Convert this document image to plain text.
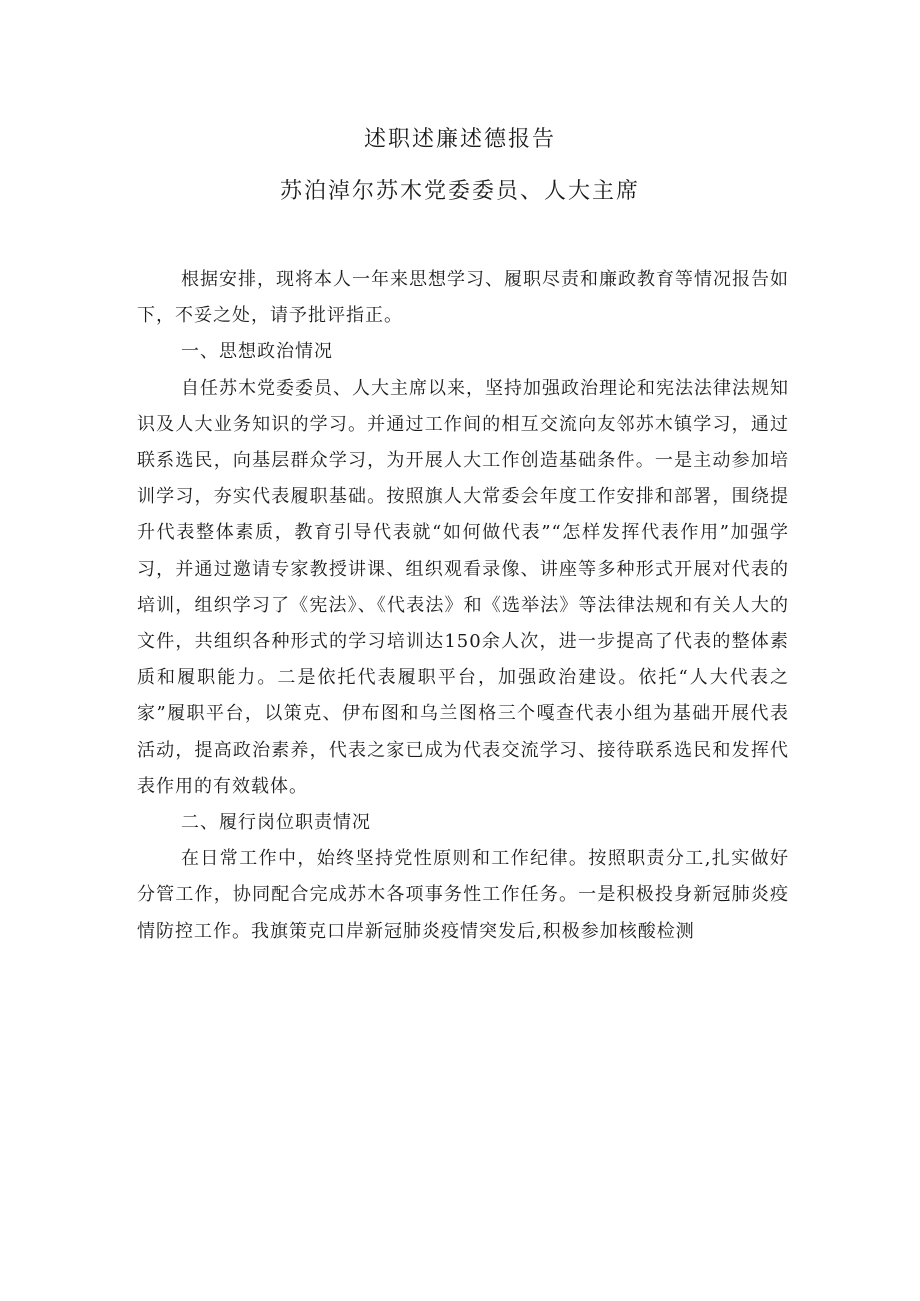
述职述廉述德报告
苏泊淖尔苏木党委委员、人大主席

根据安排，现将本人一年来思想学习、履职尽责和廉政教育等情况报告如下，不妥之处，请予批评指正。

一、思想政治情况

自任苏木党委委员、人大主席以来，坚持加强政治理论和宪法法律法规知识及人大业务知识的学习。并通过工作间的相互交流向友邻苏木镇学习，通过联系选民，向基层群众学习，为开展人大工作创造基础条件。一是主动参加培训学习，夯实代表履职基础。按照旗人大常委会年度工作安排和部署，围绕提升代表整体素质，教育引导代表就“如何做代表”“怎样发挥代表作用”加强学习，并通过邀请专家教授讲课、组织观看录像、讲座等多种形式开展对代表的培训，组织学习了《宪法》、《代表法》和《选举法》等法律法规和有关人大的文件，共组织各种形式的学习培训达150余人次，进一步提高了代表的整体素质和履职能力。二是依托代表履职平台，加强政治建设。依托“人大代表之家”履职平台，以策克、伊布图和乌兰图格三个嘎查代表小组为基础开展代表活动，提高政治素养，代表之家已成为代表交流学习、接待联系选民和发挥代表作用的有效载体。

二、履行岗位职责情况

在日常工作中，始终坚持党性原则和工作纪律。按照职责分工,扎实做好分管工作，协同配合完成苏木各项事务性工作任务。一是积极投身新冠肺炎疫情防控工作。我旗策克口岸新冠肺炎疫情突发后,积极参加核酸检测
